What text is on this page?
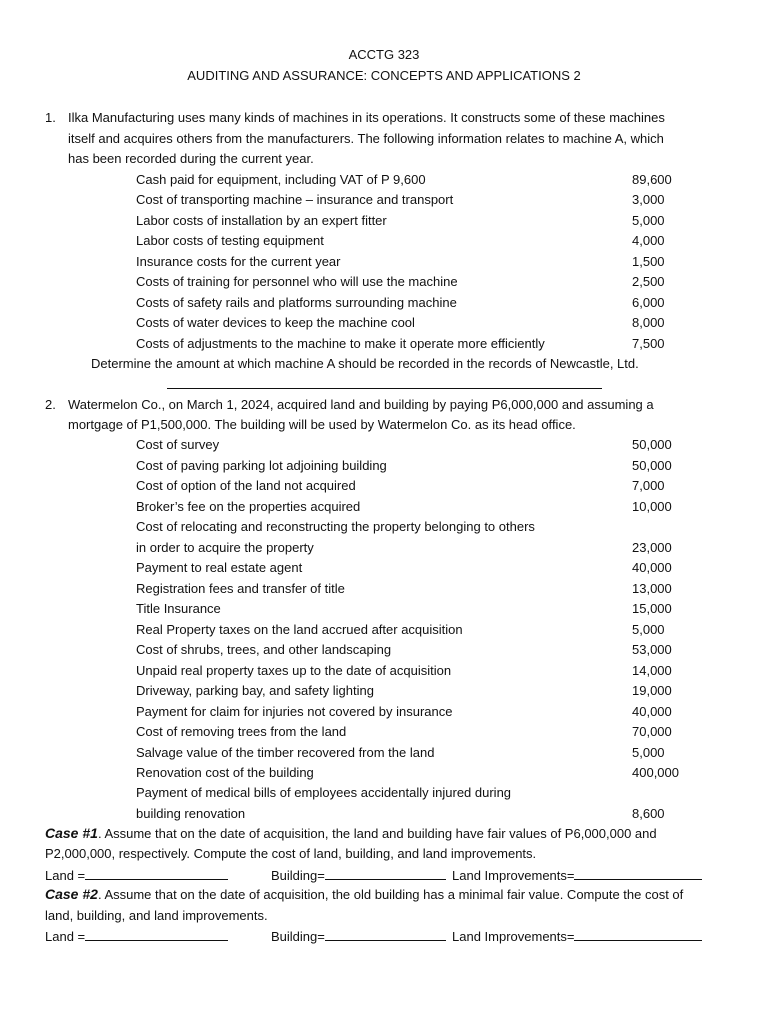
ACCTG 323
AUDITING AND ASSURANCE: CONCEPTS AND APPLICATIONS 2
1. Ilka Manufacturing uses many kinds of machines in its operations. It constructs some of these machines
itself and acquires others from the manufacturers. The following information relates to machine A, which
has been recorded during the current year.
Cash paid for equipment, including VAT of P 9,600	89,600
Cost of transporting machine – insurance and transport	3,000
Labor costs of installation by an expert fitter	5,000
Labor costs of testing equipment	4,000
Insurance costs for the current year	1,500
Costs of training for personnel who will use the machine	2,500
Costs of safety rails and platforms surrounding machine	6,000
Costs of water devices to keep the machine cool	8,000
Costs of adjustments to the machine to make it operate more efficiently	7,500
Determine the amount at which machine A should be recorded in the records of Newcastle, Ltd.
2. Watermelon Co., on March 1, 2024, acquired land and building by paying P6,000,000 and assuming a
mortgage of P1,500,000. The building will be used by Watermelon Co. as its head office.
Cost of survey	50,000
Cost of paving parking lot adjoining building	50,000
Cost of option of the land not acquired	7,000
Broker’s fee on the properties acquired	10,000
Cost of relocating and reconstructing the property belonging to others
in order to acquire the property	23,000
Payment to real estate agent	40,000
Registration fees and transfer of title	13,000
Title Insurance	15,000
Real Property taxes on the land accrued after acquisition	5,000
Cost of shrubs, trees, and other landscaping	53,000
Unpaid real property taxes up to the date of acquisition	14,000
Driveway, parking bay, and safety lighting	19,000
Payment for claim for injuries not covered by insurance	40,000
Cost of removing trees from the land	70,000
Salvage value of the timber recovered from the land	5,000
Renovation cost of the building	400,000
Payment of medical bills of employees accidentally injured during
building renovation	8,600
Case #1. Assume that on the date of acquisition, the land and building have fair values of P6,000,000 and
P2,000,000, respectively. Compute the cost of land, building, and land improvements.
Land =	Building=	Land Improvements=
Case #2. Assume that on the date of acquisition, the old building has a minimal fair value. Compute the cost of
land, building, and land improvements.
Land =	Building=	Land Improvements=
